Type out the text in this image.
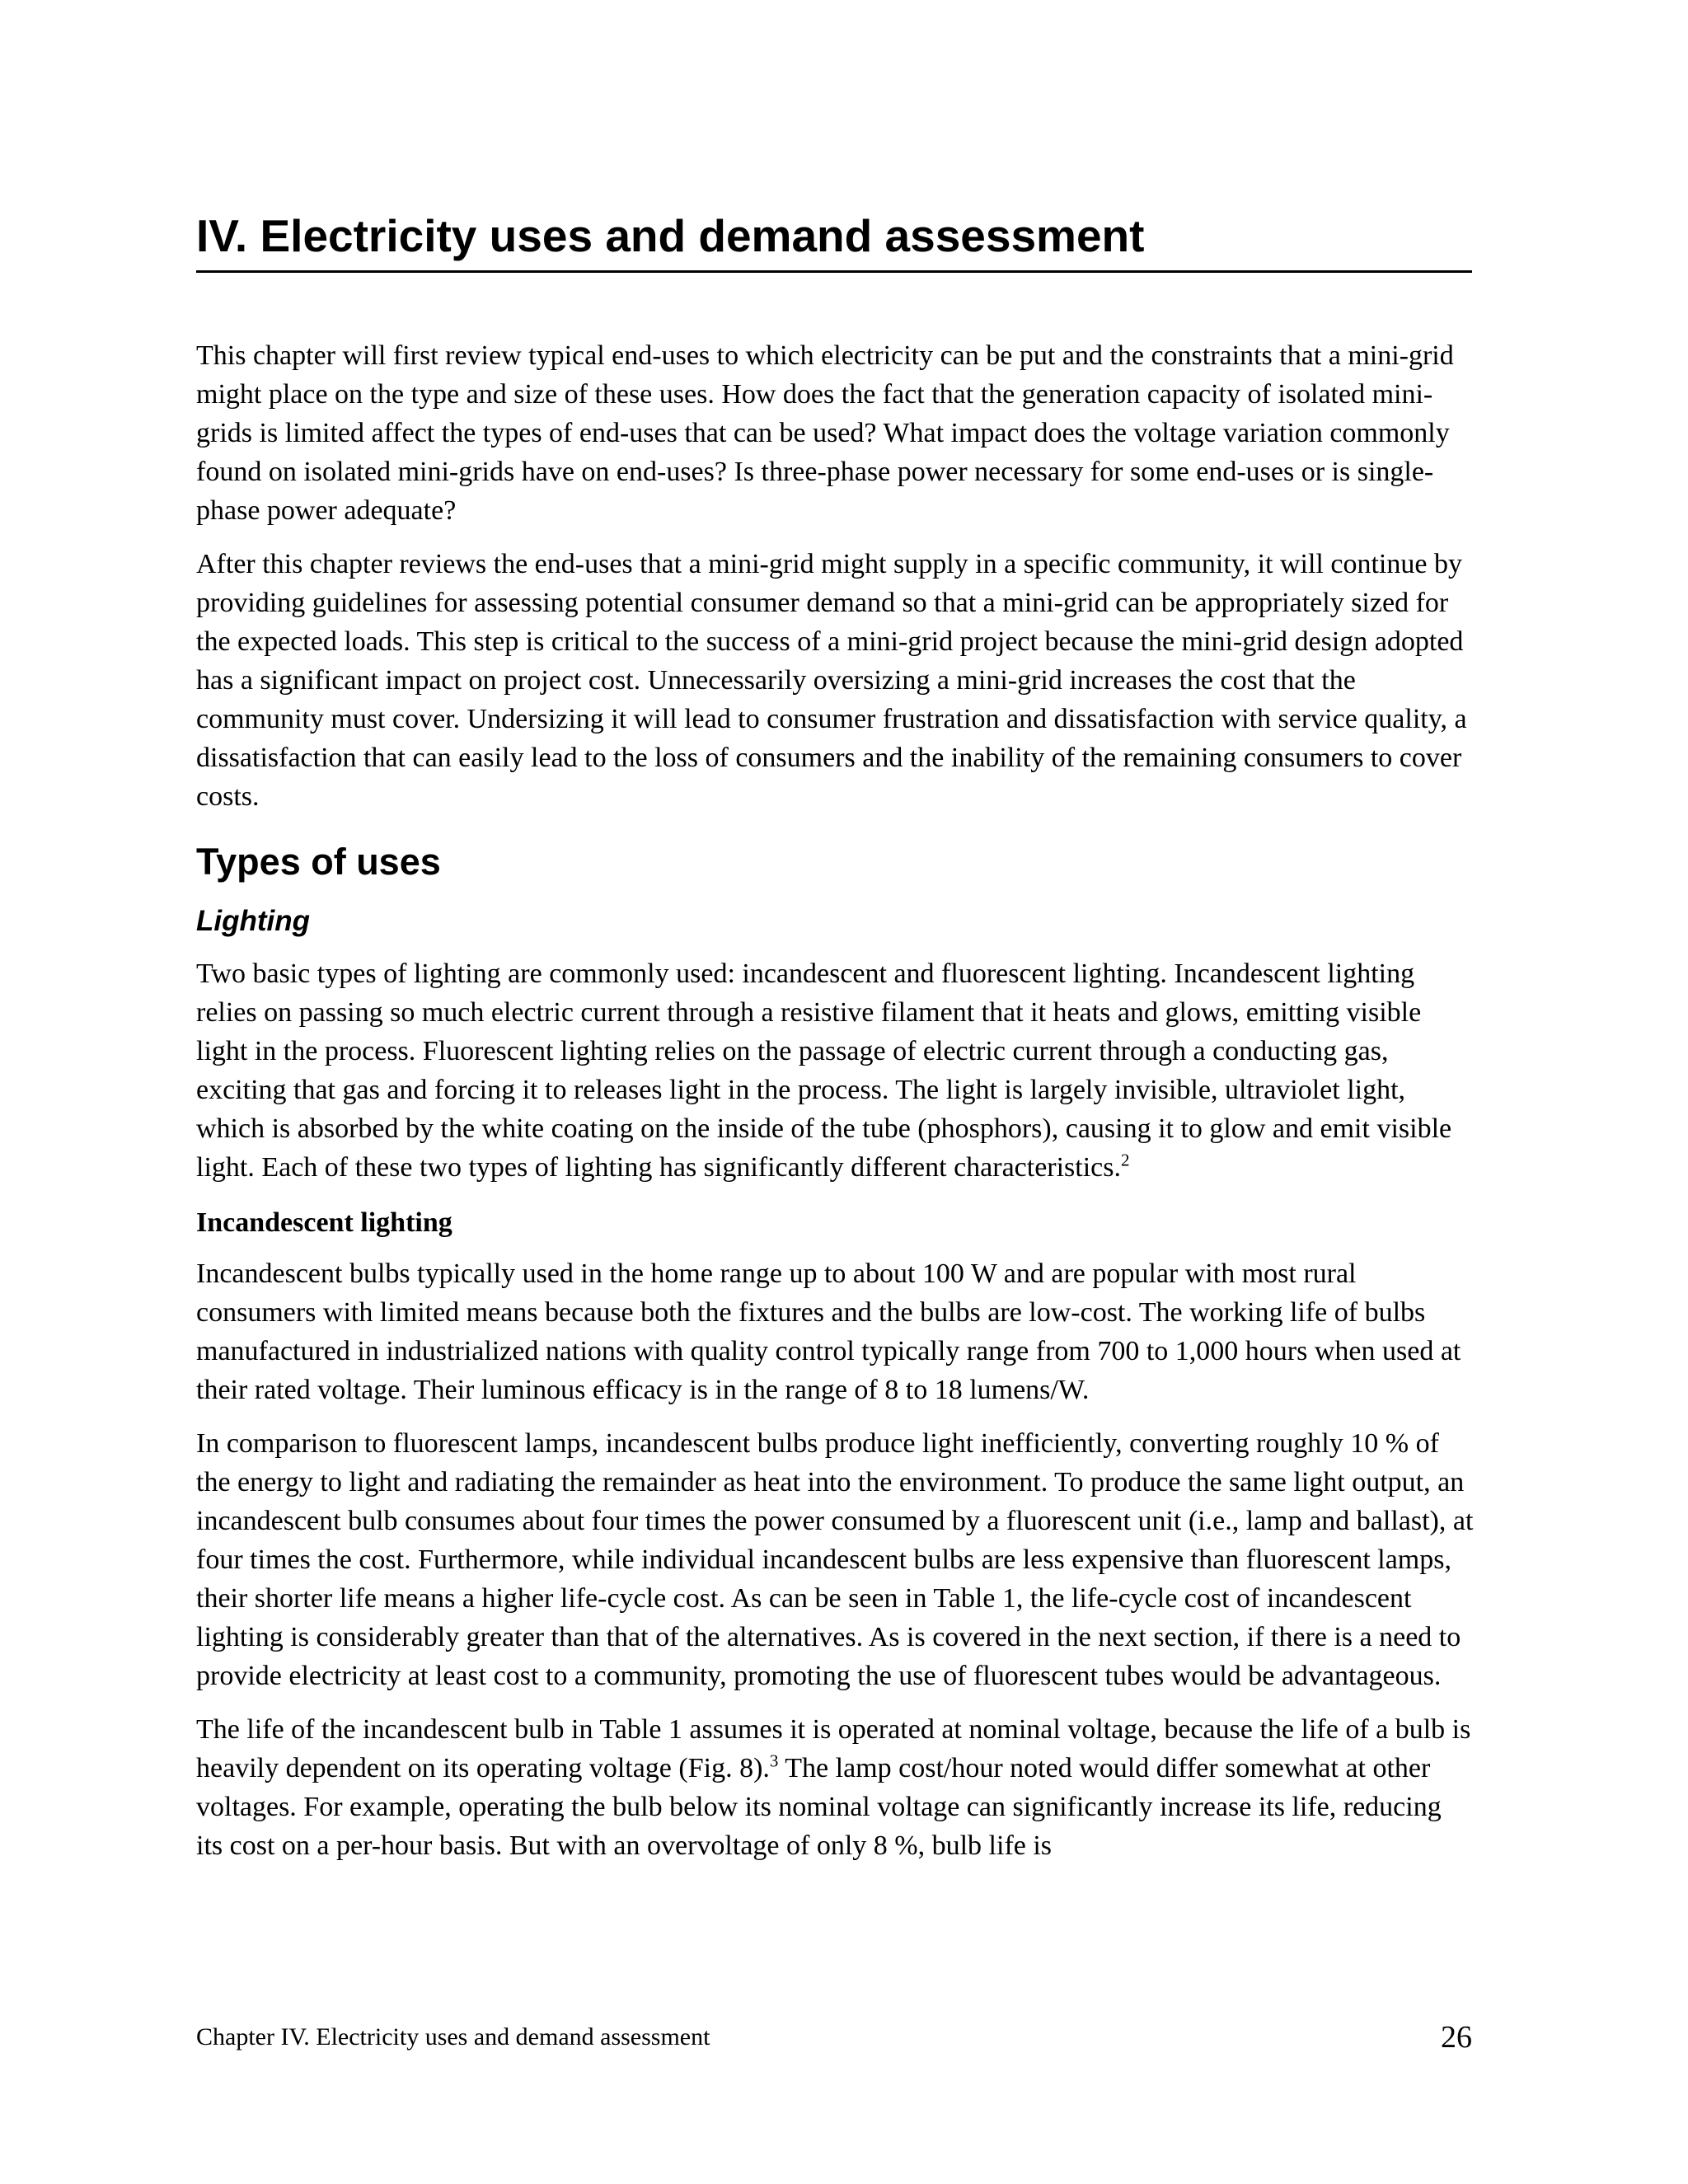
IV. Electricity uses and demand assessment

This chapter will first review typical end-uses to which electricity can be put and the constraints that a mini-grid might place on the type and size of these uses. How does the fact that the generation capacity of isolated mini-grids is limited affect the types of end-uses that can be used? What impact does the voltage variation commonly found on isolated mini-grids have on end-uses? Is three-phase power necessary for some end-uses or is single-phase power adequate?

After this chapter reviews the end-uses that a mini-grid might supply in a specific community, it will continue by providing guidelines for assessing potential consumer demand so that a mini-grid can be appropriately sized for the expected loads. This step is critical to the success of a mini-grid project because the mini-grid design adopted has a significant impact on project cost. Unnecessarily oversizing a mini-grid increases the cost that the community must cover. Undersizing it will lead to consumer frustration and dissatisfaction with service quality, a dissatisfaction that can easily lead to the loss of consumers and the inability of the remaining consumers to cover costs.

Types of uses
Lighting

Two basic types of lighting are commonly used: incandescent and fluorescent lighting. Incandescent lighting relies on passing so much electric current through a resistive filament that it heats and glows, emitting visible light in the process. Fluorescent lighting relies on the passage of electric current through a conducting gas, exciting that gas and forcing it to releases light in the process. The light is largely invisible, ultraviolet light, which is absorbed by the white coating on the inside of the tube (phosphors), causing it to glow and emit visible light. Each of these two types of lighting has significantly different characteristics.$^2$

Incandescent lighting

Incandescent bulbs typically used in the home range up to about 100 W and are popular with most rural consumers with limited means because both the fixtures and the bulbs are low-cost. The working life of bulbs manufactured in industrialized nations with quality control typically range from 700 to 1,000 hours when used at their rated voltage. Their luminous efficacy is in the range of 8 to 18 lumens/W.

In comparison to fluorescent lamps, incandescent bulbs produce light inefficiently, converting roughly 10 % of the energy to light and radiating the remainder as heat into the environment. To produce the same light output, an incandescent bulb consumes about four times the power consumed by a fluorescent unit (i.e., lamp and ballast), at four times the cost. Furthermore, while individual incandescent bulbs are less expensive than fluorescent lamps, their shorter life means a higher life-cycle cost. As can be seen in Table 1, the life-cycle cost of incandescent lighting is considerably greater than that of the alternatives. As is covered in the next section, if there is a need to provide electricity at least cost to a community, promoting the use of fluorescent tubes would be advantageous.

The life of the incandescent bulb in Table 1 assumes it is operated at nominal voltage, because the life of a bulb is heavily dependent on its operating voltage (Fig. 8).$^3$ The lamp cost/hour noted would differ somewhat at other voltages. For example, operating the bulb below its nominal voltage can significantly increase its life, reducing its cost on a per-hour basis. But with an overvoltage of only 8 %, bulb life is

Chapter IV. Electricity uses and demand assessment	26
